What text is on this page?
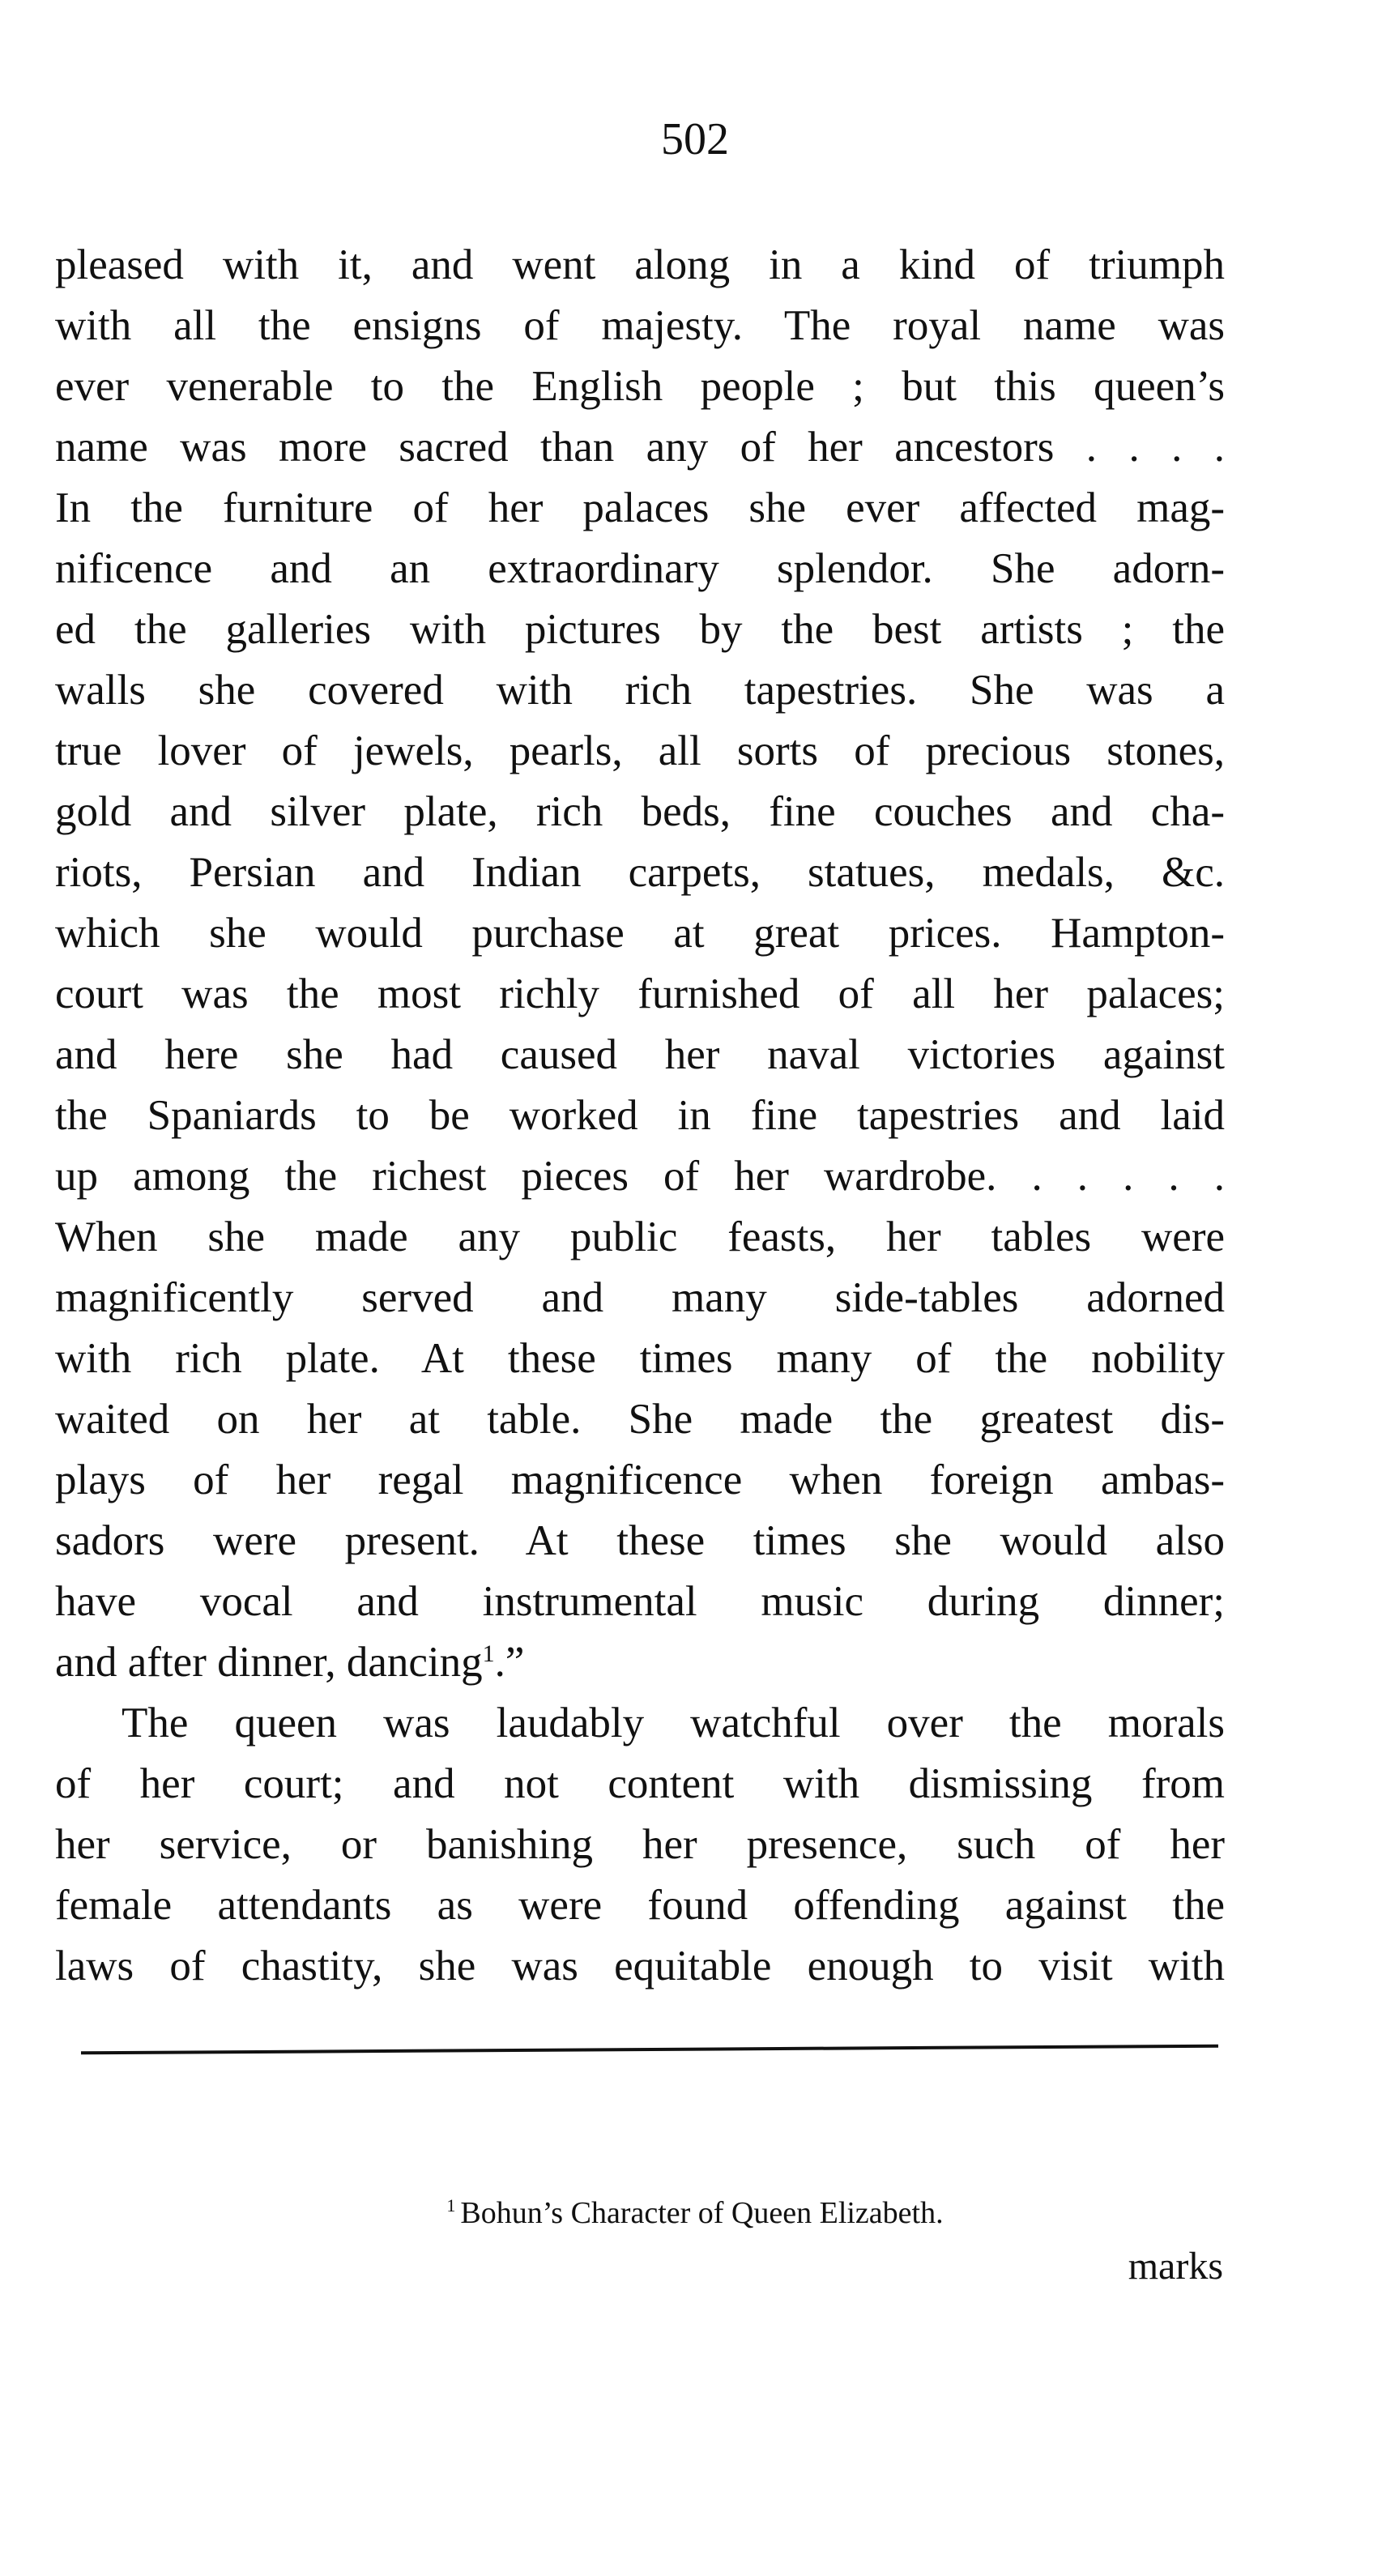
502
pleased with it, and went along in a kind of triumph
with all the ensigns of majesty. The royal name was
ever venerable to the English people ; but this queen’s
name was more sacred than any of her ancestors . . . .
In the furniture of her palaces she ever affected mag-
nificence and an extraordinary splendor. She adorn-
ed the galleries with pictures by the best artists ; the
walls she covered with rich tapestries. She was a
true lover of jewels, pearls, all sorts of precious stones,
gold and silver plate, rich beds, fine couches and cha-
riots, Persian and Indian carpets, statues, medals, &c.
which she would purchase at great prices. Hampton-
court was the most richly furnished of all her palaces;
and here she had caused her naval victories against
the Spaniards to be worked in fine tapestries and laid
up among the richest pieces of her wardrobe. . . . . .
When she made any public feasts, her tables were
magnificently served and many side-tables adorned
with rich plate. At these times many of the nobility
waited on her at table. She made the greatest dis-
plays of her regal magnificence when foreign ambas-
sadors were present. At these times she would also
have vocal and instrumental music during dinner;
and after dinner, dancing$^1$.”
The queen was laudably watchful over the morals
of her court; and not content with dismissing from
her service, or banishing her presence, such of her
female attendants as were found offending against the
laws of chastity, she was equitable enough to visit with
$^1$ Bohun’s Character of Queen Elizabeth.
marks
